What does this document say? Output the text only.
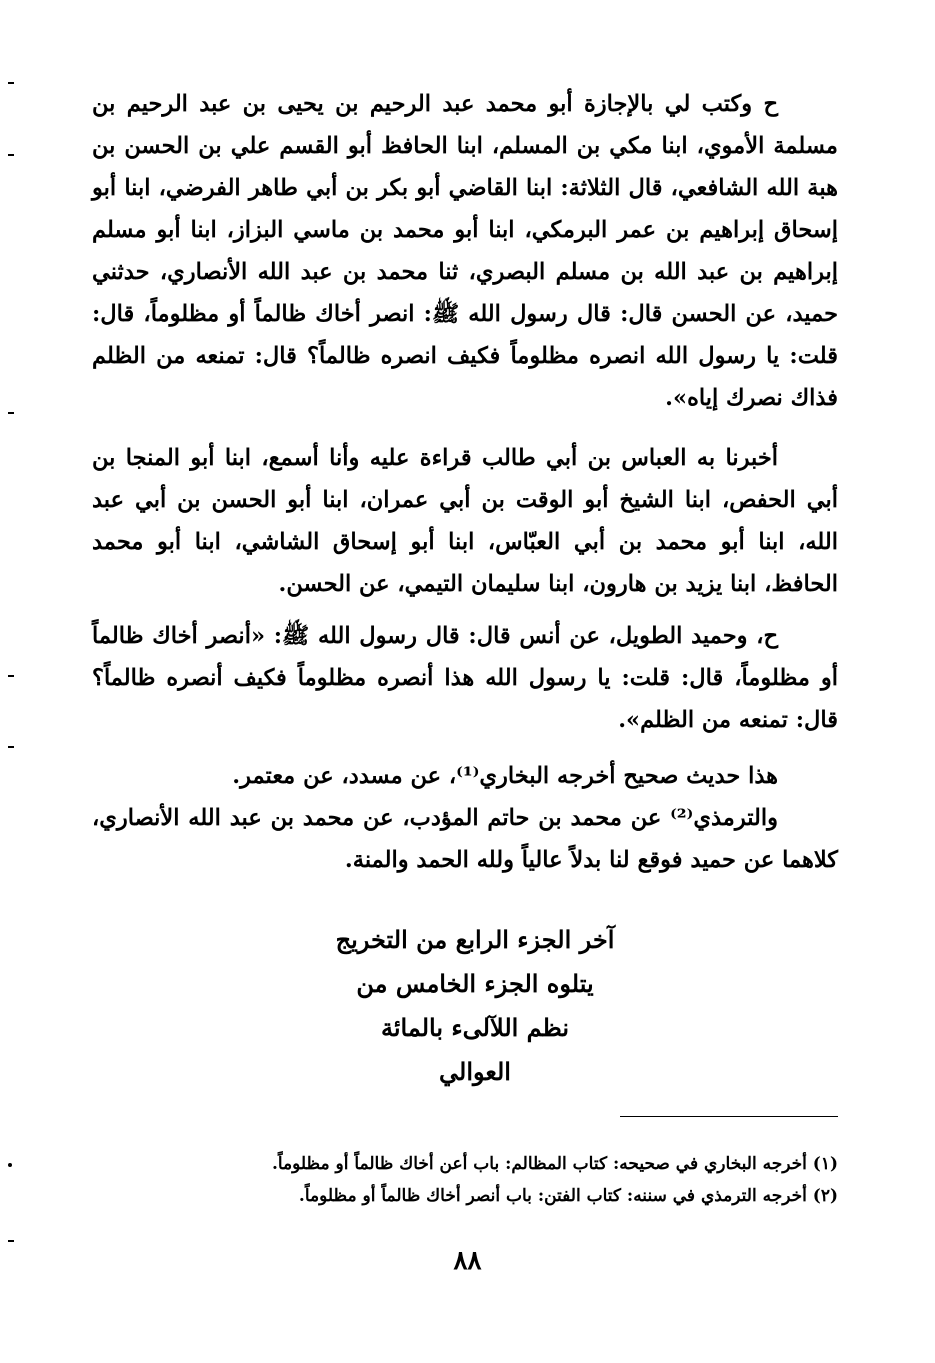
ح وكتب لي بالإجازة أبو محمد عبد الرحيم بن يحيى بن عبد الرحيم بن مسلمة الأموي، ابنا مكي بن المسلم، ابنا الحافظ أبو القسم علي بن الحسن بن هبة الله الشافعي، قال الثلاثة: ابنا القاضي أبو بكر بن أبي طاهر الفرضي، ابنا أبو إسحاق إبراهيم بن عمر البرمكي، ابنا أبو محمد بن ماسي البزاز، ابنا أبو مسلم إبراهيم بن عبد الله بن مسلم البصري، ثنا محمد بن عبد الله الأنصاري، حدثني حميد، عن الحسن قال: قال رسول الله ﷺ: انصر أخاك ظالماً أو مظلوماً، قال: قلت: يا رسول الله انصره مظلوماً فكيف انصره ظالماً؟ قال: تمنعه من الظلم فذاك نصرك إياه».

أخبرنا به العباس بن أبي طالب قراءة عليه وأنا أسمع، ابنا أبو المنجا بن أبي الحفص، ابنا الشيخ أبو الوقت بن أبي عمران، ابنا أبو الحسن بن أبي عبد الله، ابنا أبو محمد بن أبي العبّاس، ابنا أبو إسحاق الشاشي، ابنا أبو محمد الحافظ، ابنا يزيد بن هارون، ابنا سليمان التيمي، عن الحسن.

ح، وحميد الطويل، عن أنس قال: قال رسول الله ﷺ: «أنصر أخاك ظالماً أو مظلوماً، قال: قلت: يا رسول الله هذا أنصره مظلوماً فكيف أنصره ظالماً؟ قال: تمنعه من الظلم».

هذا حديث صحيح أخرجه البخاري⁽¹⁾، عن مسدد، عن معتمر.

والترمذي⁽²⁾ عن محمد بن حاتم المؤدب، عن محمد بن عبد الله الأنصاري، كلاهما عن حميد فوقع لنا بدلاً عالياً ولله الحمد والمنة.

آخر الجزء الرابع من التخريج
يتلوه الجزء الخامس من
نظم اللآلىء بالمائة
العوالي

(١) أخرجه البخاري في صحيحه: كتاب المظالم: باب أعن أخاك ظالماً أو مظلوماً.

(٢) أخرجه الترمذي في سننه: كتاب الفتن: باب أنصر أخاك ظالماً أو مظلوماً.

٨٨
